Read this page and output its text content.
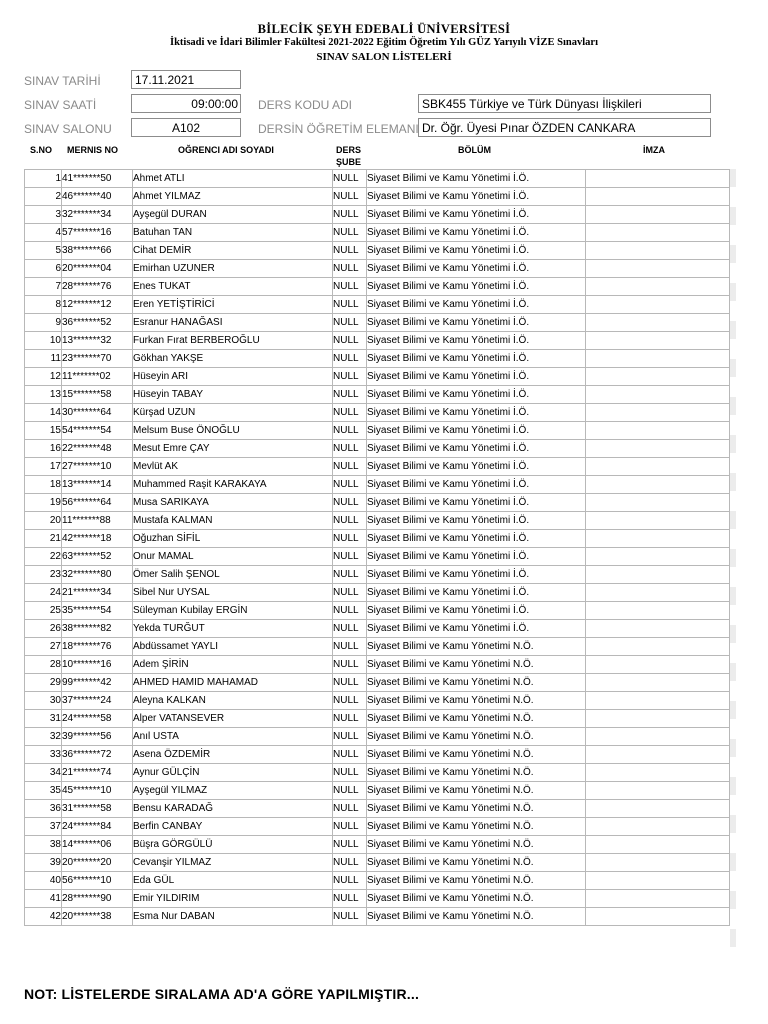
BİLECİK ŞEYH EDEBALİ ÜNİVERSİTESİ
İktisadi ve İdari Bilimler Fakültesi 2021-2022 Eğitim Öğretim Yılı GÜZ Yarıyılı VİZE Sınavları
SINAV SALON LİSTELERİ
SINAV TARİHİ	17.11.2021
SINAV SAATİ	09:00:00
SINAV SALONU	A102
DERS KODU ADI	SBK455 Türkiye ve Türk Dünyası İlişkileri
DERSİN ÖĞRETİM ELEMANI Dr. Öğr. Üyesi Pınar ÖZDEN CANKARA
S.NO MERNIS NO	OĞRENCI ADI SOYADI	DERS
ŞUBE
BÖLÜM	İMZA
1	41*******50	Ahmet ATLI	NULL	Siyaset Bilimi ve Kamu Yönetimi İ.Ö.	
2	46*******40	Ahmet YILMAZ	NULL	Siyaset Bilimi ve Kamu Yönetimi İ.Ö.	
3	32*******34	Ayşegül DURAN	NULL	Siyaset Bilimi ve Kamu Yönetimi İ.Ö.	
4	57*******16	Batuhan TAN	NULL	Siyaset Bilimi ve Kamu Yönetimi İ.Ö.	
5	38*******66	Cihat DEMİR	NULL	Siyaset Bilimi ve Kamu Yönetimi İ.Ö.	
6	20*******04	Emirhan UZUNER	NULL	Siyaset Bilimi ve Kamu Yönetimi İ.Ö.	
7	28*******76	Enes TUKAT	NULL	Siyaset Bilimi ve Kamu Yönetimi İ.Ö.	
8	12*******12	Eren YETİŞTİRİCİ	NULL	Siyaset Bilimi ve Kamu Yönetimi İ.Ö.	
9	36*******52	Esranur HANAĞASI	NULL	Siyaset Bilimi ve Kamu Yönetimi İ.Ö.	
10	13*******32	Furkan Fırat BERBEROĞLU	NULL	Siyaset Bilimi ve Kamu Yönetimi İ.Ö.	
11	23*******70	Gökhan YAKŞE	NULL	Siyaset Bilimi ve Kamu Yönetimi İ.Ö.	
12	11*******02	Hüseyin ARI	NULL	Siyaset Bilimi ve Kamu Yönetimi İ.Ö.	
13	15*******58	Hüseyin TABAY	NULL	Siyaset Bilimi ve Kamu Yönetimi İ.Ö.	
14	30*******64	Kürşad UZUN	NULL	Siyaset Bilimi ve Kamu Yönetimi İ.Ö.	
15	54*******54	Melsum Buse ÖNOĞLU	NULL	Siyaset Bilimi ve Kamu Yönetimi İ.Ö.	
16	22*******48	Mesut Emre ÇAY	NULL	Siyaset Bilimi ve Kamu Yönetimi İ.Ö.	
17	27*******10	Mevlüt AK	NULL	Siyaset Bilimi ve Kamu Yönetimi İ.Ö.	
18	13*******14	Muhammed Raşit KARAKAYA	NULL	Siyaset Bilimi ve Kamu Yönetimi İ.Ö.	
19	56*******64	Musa SARIKAYA	NULL	Siyaset Bilimi ve Kamu Yönetimi İ.Ö.	
20	11*******88	Mustafa KALMAN	NULL	Siyaset Bilimi ve Kamu Yönetimi İ.Ö.	
21	42*******18	Oğuzhan SİFİL	NULL	Siyaset Bilimi ve Kamu Yönetimi İ.Ö.	
22	63*******52	Onur MAMAL	NULL	Siyaset Bilimi ve Kamu Yönetimi İ.Ö.	
23	32*******80	Ömer Salih ŞENOL	NULL	Siyaset Bilimi ve Kamu Yönetimi İ.Ö.	
24	21*******34	Sibel Nur UYSAL	NULL	Siyaset Bilimi ve Kamu Yönetimi İ.Ö.	
25	35*******54	Süleyman Kubilay ERGİN	NULL	Siyaset Bilimi ve Kamu Yönetimi İ.Ö.	
26	38*******82	Yekda TURĞUT	NULL	Siyaset Bilimi ve Kamu Yönetimi İ.Ö.	
27	18*******76	Abdüssamet YAYLI	NULL	Siyaset Bilimi ve Kamu Yönetimi N.Ö.	
28	10*******16	Adem ŞİRİN	NULL	Siyaset Bilimi ve Kamu Yönetimi N.Ö.	
29	99*******42	AHMED HAMID MAHAMAD	NULL	Siyaset Bilimi ve Kamu Yönetimi N.Ö.	
30	37*******24	Aleyna KALKAN	NULL	Siyaset Bilimi ve Kamu Yönetimi N.Ö.	
31	24*******58	Alper VATANSEVER	NULL	Siyaset Bilimi ve Kamu Yönetimi N.Ö.	
32	39*******56	Anıl USTA	NULL	Siyaset Bilimi ve Kamu Yönetimi N.Ö.	
33	36*******72	Asena ÖZDEMİR	NULL	Siyaset Bilimi ve Kamu Yönetimi N.Ö.	
34	21*******74	Aynur GÜLÇİN	NULL	Siyaset Bilimi ve Kamu Yönetimi N.Ö.	
35	45*******10	Ayşegül YILMAZ	NULL	Siyaset Bilimi ve Kamu Yönetimi N.Ö.	
36	31*******58	Bensu KARADAĞ	NULL	Siyaset Bilimi ve Kamu Yönetimi N.Ö.	
37	24*******84	Berfin CANBAY	NULL	Siyaset Bilimi ve Kamu Yönetimi N.Ö.	
38	14*******06	Büşra GÖRGÜLÜ	NULL	Siyaset Bilimi ve Kamu Yönetimi N.Ö.	
39	20*******20	Cevanşir YILMAZ	NULL	Siyaset Bilimi ve Kamu Yönetimi N.Ö.	
40	56*******10	Eda GÜL	NULL	Siyaset Bilimi ve Kamu Yönetimi N.Ö.	
41	28*******90	Emir YILDIRIM	NULL	Siyaset Bilimi ve Kamu Yönetimi N.Ö.	
42	20*******38	Esma Nur DABAN	NULL	Siyaset Bilimi ve Kamu Yönetimi N.Ö.	
NOT: LİSTELERDE SIRALAMA AD'A GÖRE YAPILMIŞTIR...
